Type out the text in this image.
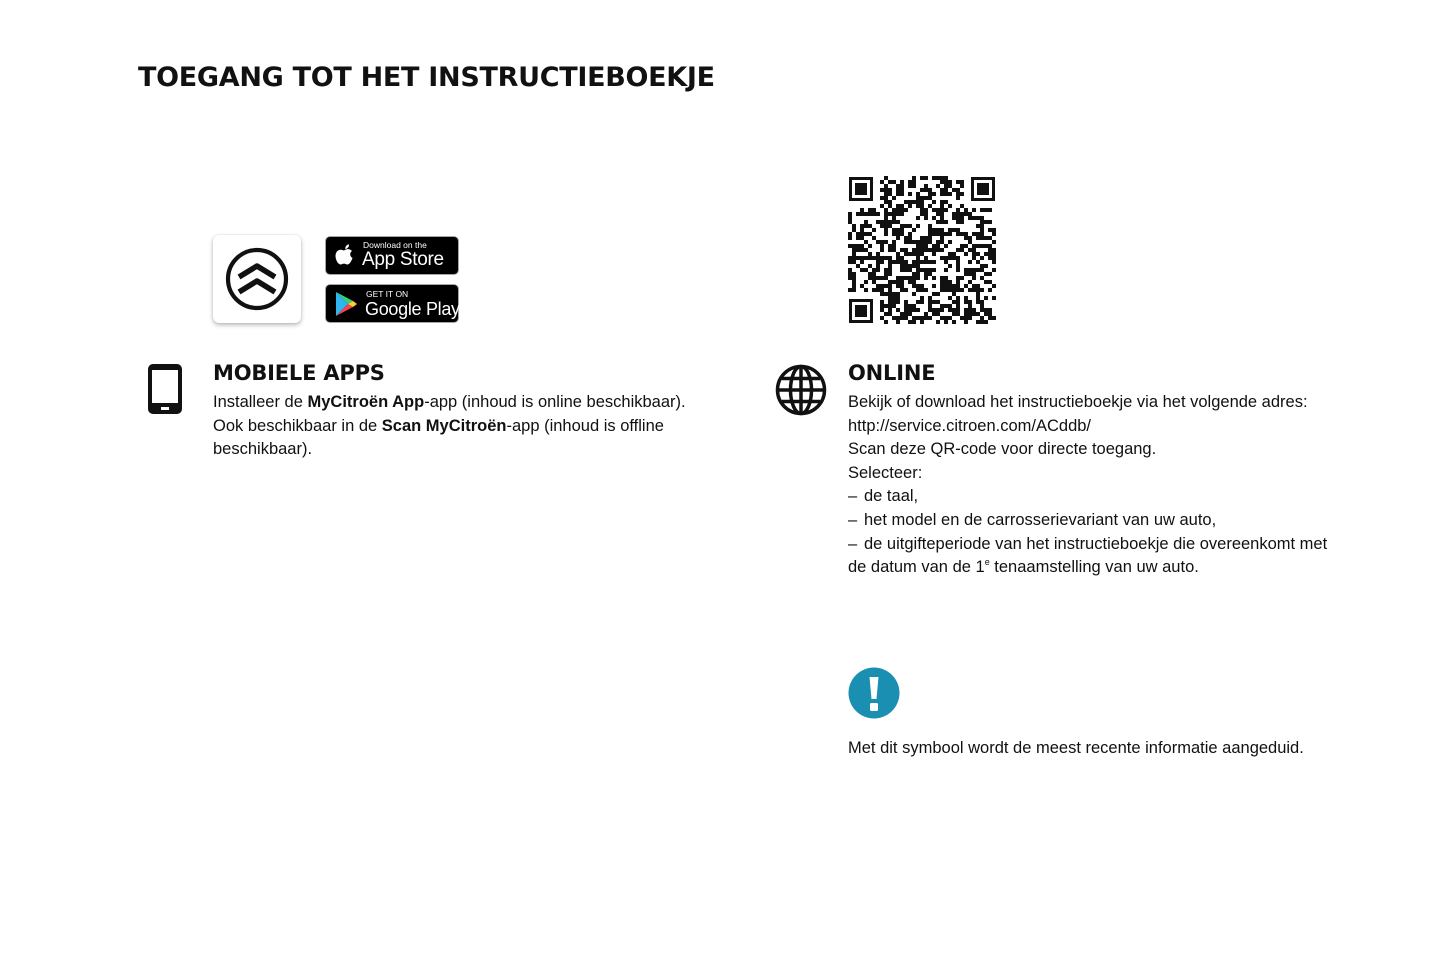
TOEGANG TOT HET INSTRUCTIEBOEKJE
Download on the
App Store
GET IT ON
Google Play
MOBIELE APPS
Installeer de MyCitroën App-app (inhoud is online beschikbaar).
Ook beschikbaar in de Scan MyCitroën-app (inhoud is offline beschikbaar).
ONLINE
Bekijk of download het instructieboekje via het volgende adres:
http://service.citroen.com/ACddb/
Scan deze QR-code voor directe toegang.
Selecteer:
– de taal,
– het model en de carrosserievariant van uw auto,
– de uitgifteperiode van het instructieboekje die overeenkomt met
de datum van de 1e tenaamstelling van uw auto.
Met dit symbool wordt de meest recente informatie aangeduid.
